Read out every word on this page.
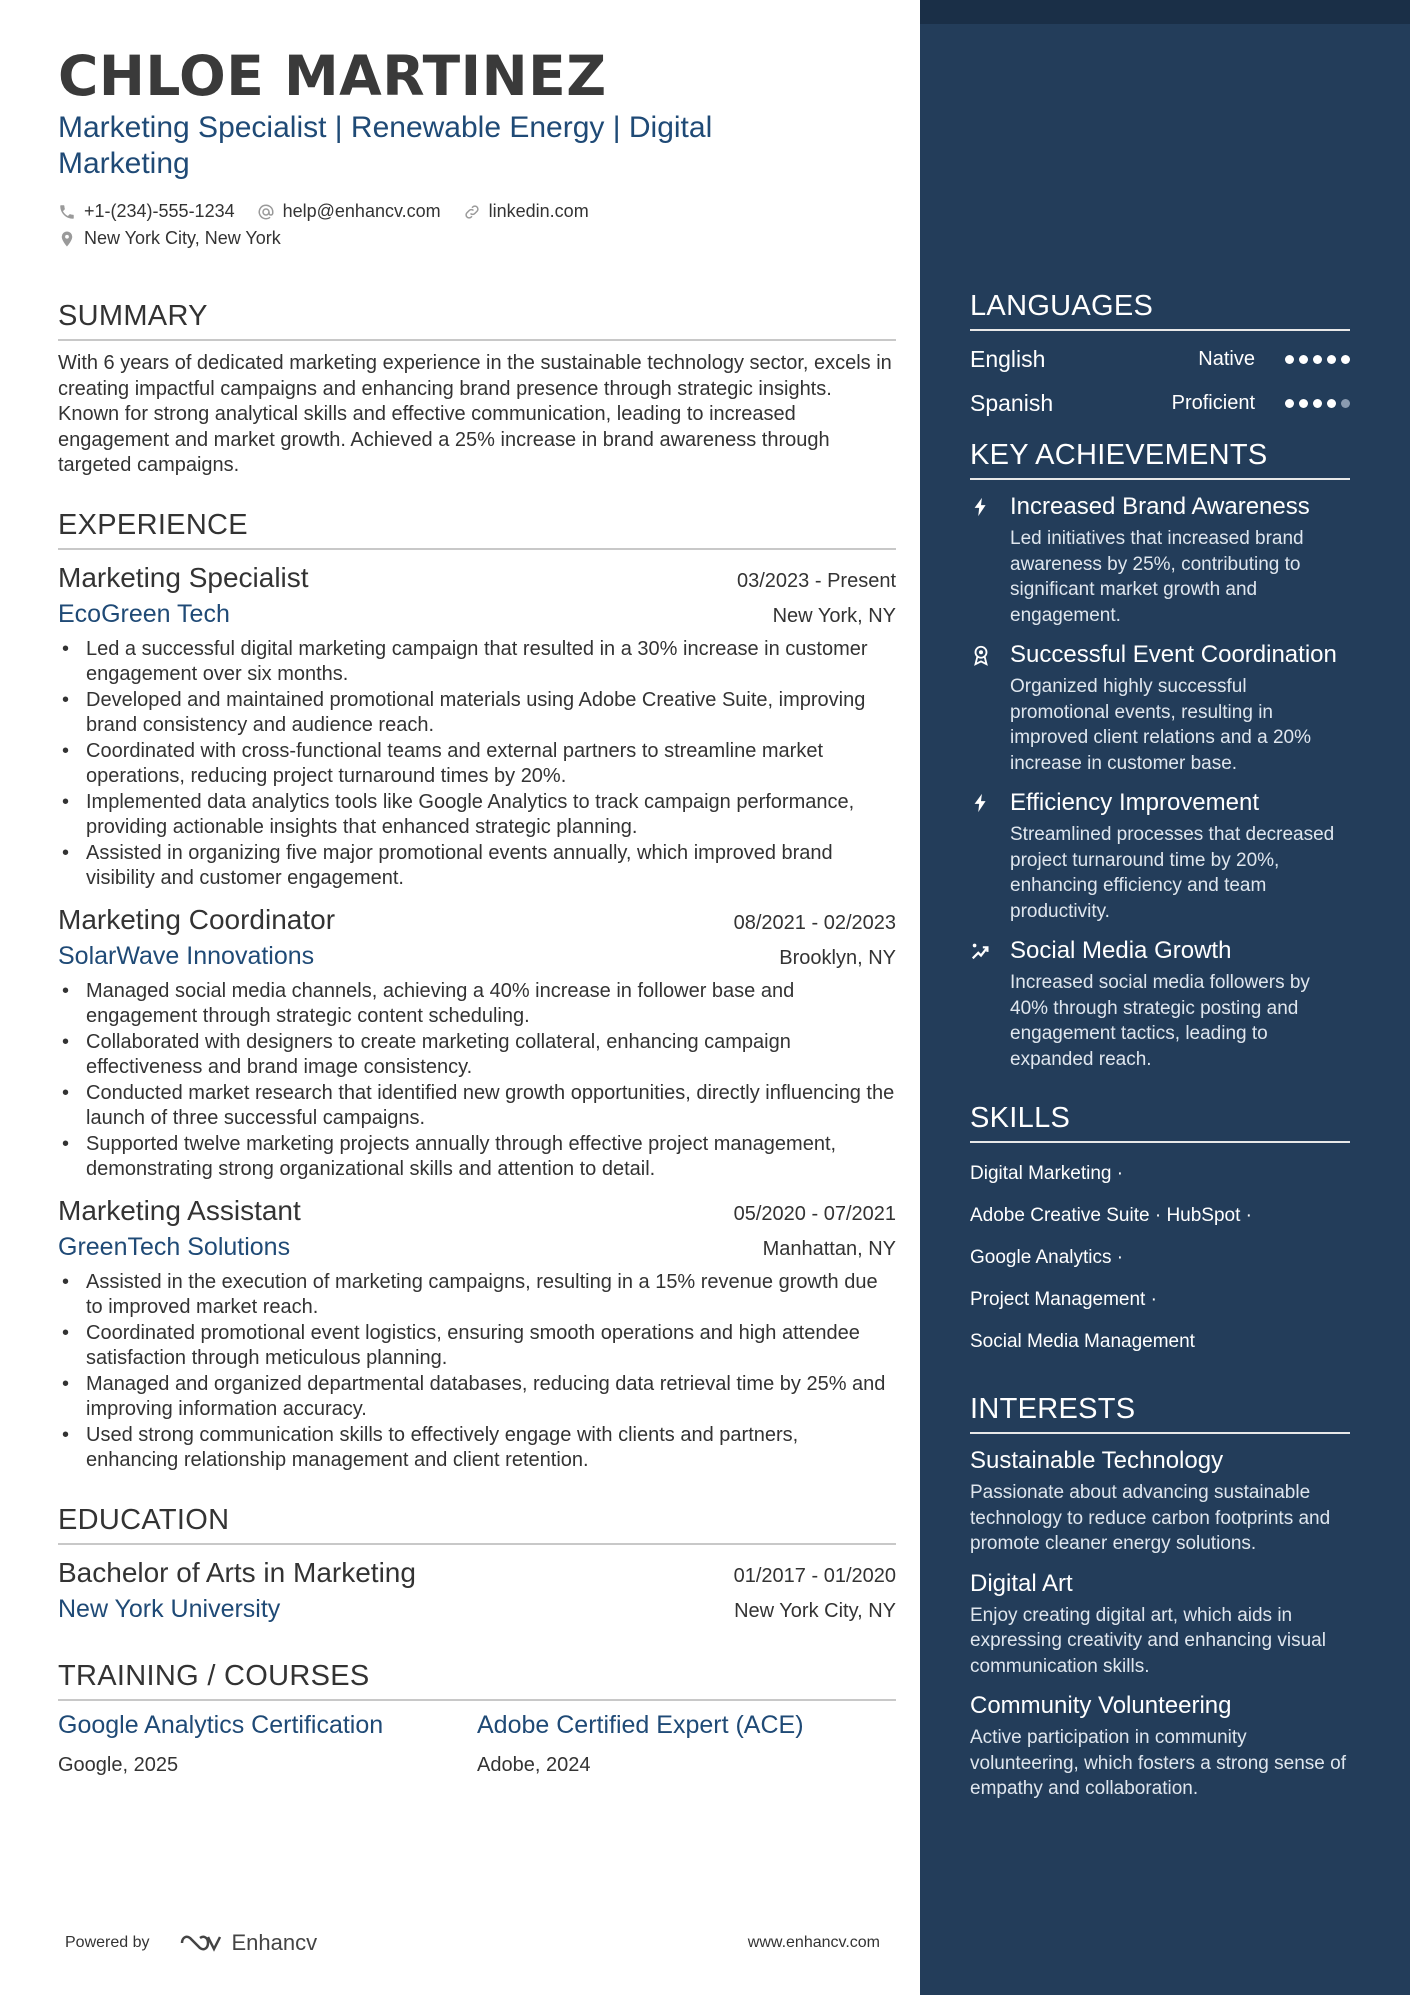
CHLOE MARTINEZ
Marketing Specialist | Renewable Energy | Digital Marketing
+1-(234)-555-1234	help@enhancv.com	linkedin.com
New York City, New York
SUMMARY
With 6 years of dedicated marketing experience in the sustainable technology sector, excels in creating impactful campaigns and enhancing brand presence through strategic insights. Known for strong analytical skills and effective communication, leading to increased engagement and market growth. Achieved a 25% increase in brand awareness through targeted campaigns.
EXPERIENCE
Marketing Specialist	03/2023 - Present
EcoGreen Tech	New York, NY
• Led a successful digital marketing campaign that resulted in a 30% increase in customer engagement over six months.
• Developed and maintained promotional materials using Adobe Creative Suite, improving brand consistency and audience reach.
• Coordinated with cross-functional teams and external partners to streamline market operations, reducing project turnaround times by 20%.
• Implemented data analytics tools like Google Analytics to track campaign performance, providing actionable insights that enhanced strategic planning.
• Assisted in organizing five major promotional events annually, which improved brand visibility and customer engagement.
Marketing Coordinator	08/2021 - 02/2023
SolarWave Innovations	Brooklyn, NY
• Managed social media channels, achieving a 40% increase in follower base and engagement through strategic content scheduling.
• Collaborated with designers to create marketing collateral, enhancing campaign effectiveness and brand image consistency.
• Conducted market research that identified new growth opportunities, directly influencing the launch of three successful campaigns.
• Supported twelve marketing projects annually through effective project management, demonstrating strong organizational skills and attention to detail.
Marketing Assistant	05/2020 - 07/2021
GreenTech Solutions	Manhattan, NY
• Assisted in the execution of marketing campaigns, resulting in a 15% revenue growth due to improved market reach.
• Coordinated promotional event logistics, ensuring smooth operations and high attendee satisfaction through meticulous planning.
• Managed and organized departmental databases, reducing data retrieval time by 25% and improving information accuracy.
• Used strong communication skills to effectively engage with clients and partners, enhancing relationship management and client retention.
EDUCATION
Bachelor of Arts in Marketing	01/2017 - 01/2020
New York University	New York City, NY
TRAINING / COURSES
Google Analytics Certification
Google, 2025
Adobe Certified Expert (ACE)
Adobe, 2024
Powered by	Enhancv	www.enhancv.com
LANGUAGES
English	Native
Spanish	Proficient
KEY ACHIEVEMENTS
Increased Brand Awareness
Led initiatives that increased brand awareness by 25%, contributing to significant market growth and engagement.
Successful Event Coordination
Organized highly successful promotional events, resulting in improved client relations and a 20% increase in customer base.
Efficiency Improvement
Streamlined processes that decreased project turnaround time by 20%, enhancing efficiency and team productivity.
Social Media Growth
Increased social media followers by 40% through strategic posting and engagement tactics, leading to expanded reach.
SKILLS
Digital Marketing ·
Adobe Creative Suite · HubSpot ·
Google Analytics ·
Project Management ·
Social Media Management
INTERESTS
Sustainable Technology
Passionate about advancing sustainable technology to reduce carbon footprints and promote cleaner energy solutions.
Digital Art
Enjoy creating digital art, which aids in expressing creativity and enhancing visual communication skills.
Community Volunteering
Active participation in community volunteering, which fosters a strong sense of empathy and collaboration.
